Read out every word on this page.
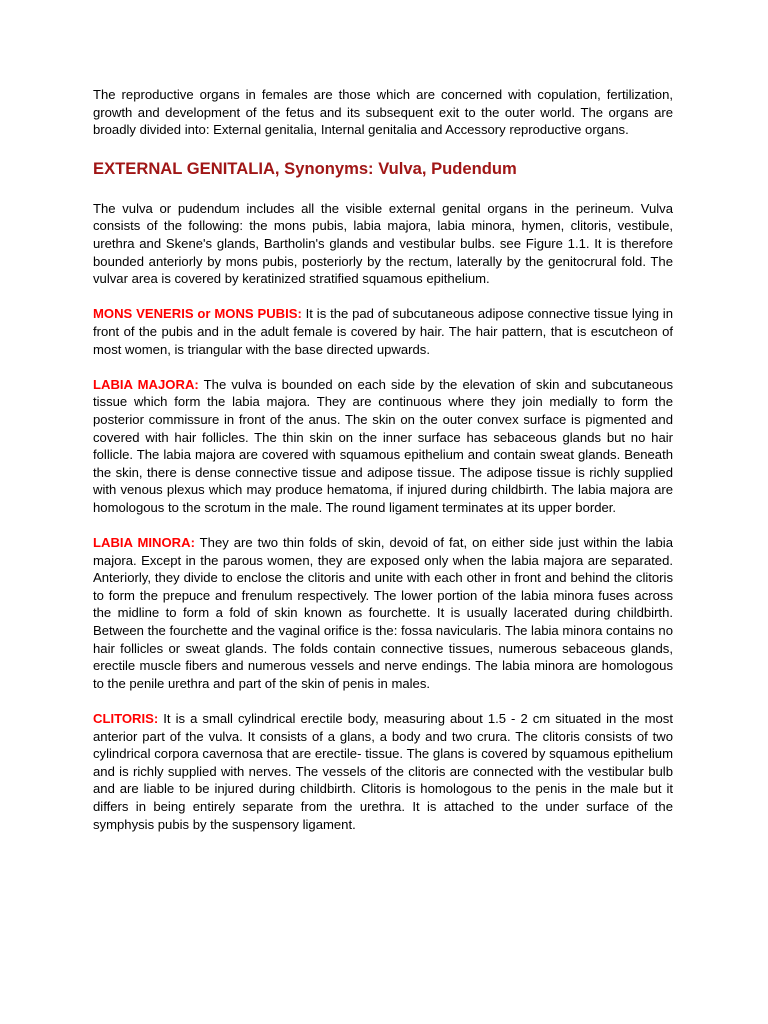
The reproductive organs in females are those which are concerned with copulation, fertilization, growth and development of the fetus and its subsequent exit to the outer world. The organs are broadly divided into: External genitalia, Internal genitalia and Accessory reproductive organs.

EXTERNAL GENITALIA, Synonyms: Vulva, Pudendum

The vulva or pudendum includes all the visible external genital organs in the perineum. Vulva consists of the following: the mons pubis, labia majora, labia minora, hymen, clitoris, vestibule, urethra and Skene's glands, Bartholin's glands and vestibular bulbs. see Figure 1.1. It is therefore bounded anteriorly by mons pubis, posteriorly by the rectum, laterally by the genitocrural fold. The vulvar area is covered by keratinized stratified squamous epithelium.

MONS VENERIS or MONS PUBIS: It is the pad of subcutaneous adipose connective tissue lying in front of the pubis and in the adult female is covered by hair. The hair pattern, that is escutcheon of most women, is triangular with the base directed upwards.

LABIA MAJORA: The vulva is bounded on each side by the elevation of skin and subcutaneous tissue which form the labia majora. They are continuous where they join medially to form the posterior commissure in front of the anus. The skin on the outer convex surface is pigmented and covered with hair follicles. The thin skin on the inner surface has sebaceous glands but no hair follicle. The labia majora are covered with squamous epithelium and contain sweat glands. Beneath the skin, there is dense connective tissue and adipose tissue. The adipose tissue is richly supplied with venous plexus which may produce hematoma, if injured during childbirth. The labia majora are homologous to the scrotum in the male. The round ligament terminates at its upper border.

LABIA MINORA: They are two thin folds of skin, devoid of fat, on either side just within the labia majora. Except in the parous women, they are exposed only when the labia majora are separated. Anteriorly, they divide to enclose the clitoris and unite with each other in front and behind the clitoris to form the prepuce and frenulum respectively. The lower portion of the labia minora fuses across the midline to form a fold of skin known as fourchette. It is usually lacerated during childbirth. Between the fourchette and the vaginal orifice is the: fossa navicularis. The labia minora contains no hair follicles or sweat glands. The folds contain connective tissues, numerous sebaceous glands, erectile muscle fibers and numerous vessels and nerve endings. The labia minora are homologous to the penile urethra and part of the skin of penis in males.

CLITORIS: It is a small cylindrical erectile body, measuring about 1.5 - 2 cm situated in the most anterior part of the vulva. It consists of a glans, a body and two crura. The clitoris consists of two cylindrical corpora cavernosa that are erectile- tissue. The glans is covered by squamous epithelium and is richly supplied with nerves. The vessels of the clitoris are connected with the vestibular bulb and are liable to be injured during childbirth. Clitoris is homologous to the penis in the male but it differs in being entirely separate from the urethra. It is attached to the under surface of the symphysis pubis by the suspensory ligament.
